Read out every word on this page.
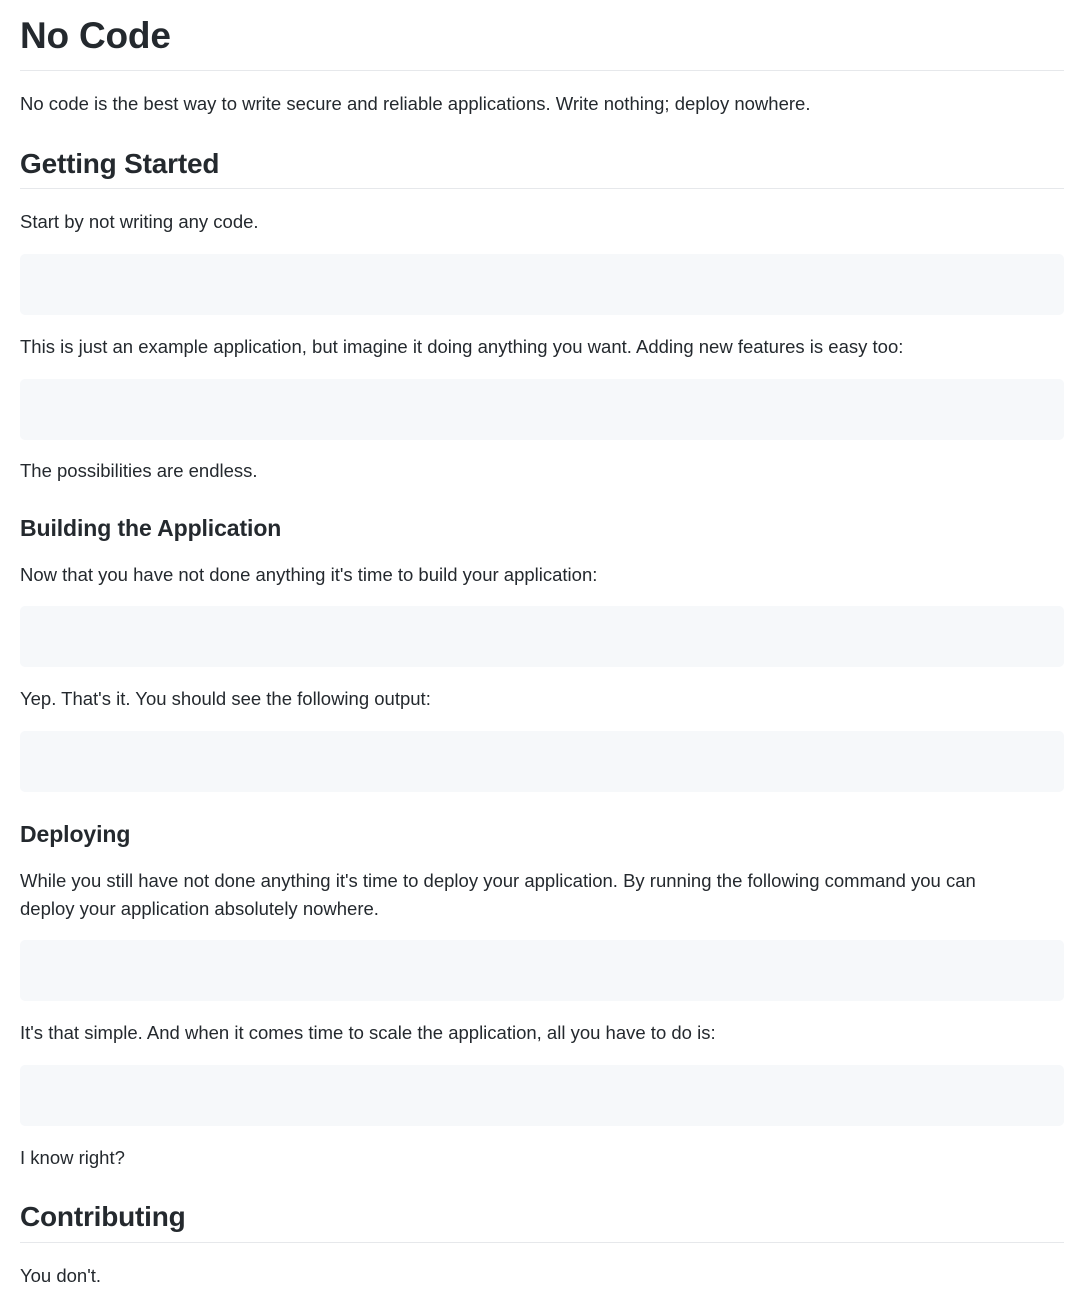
No Code

No code is the best way to write secure and reliable applications. Write nothing; deploy nowhere.

Getting Started

Start by not writing any code.

This is just an example application, but imagine it doing anything you want. Adding new features is easy too:

The possibilities are endless.

Building the Application

Now that you have not done anything it's time to build your application:

Yep. That's it. You should see the following output:

Deploying

While you still have not done anything it's time to deploy your application. By running the following command you can deploy your application absolutely nowhere.

It's that simple. And when it comes time to scale the application, all you have to do is:

I know right?

Contributing

You don't.
